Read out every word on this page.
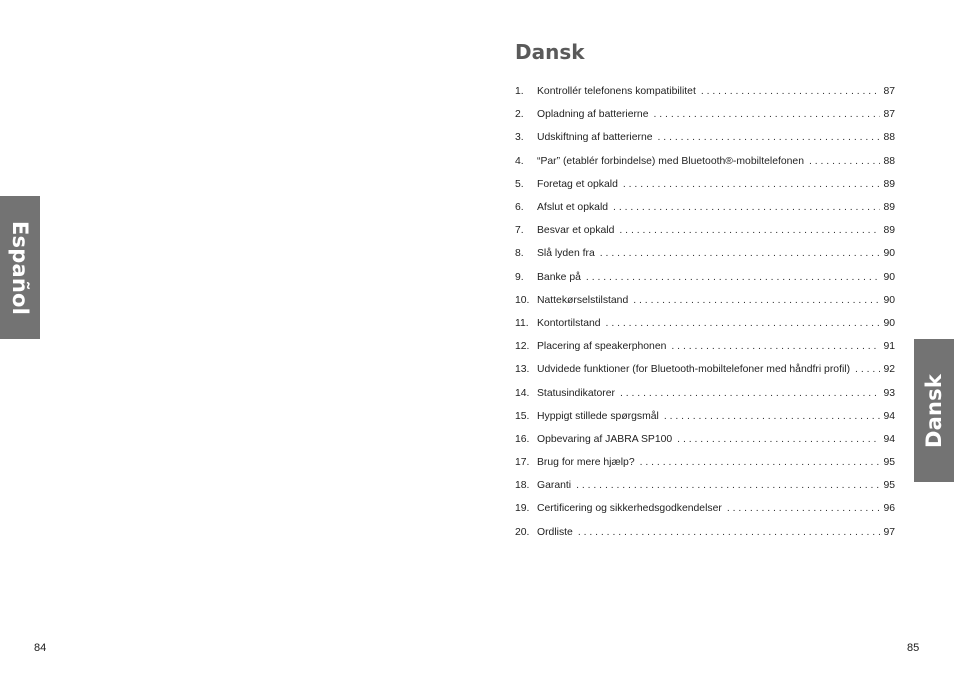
Español
Dansk
1.	Kontrollér telefonens kompatibilitet . . .	87
2.	Opladning af batterierne . . .	87
3.	Udskiftning af batterierne . . .	88
4.	“Par” (etablér forbindelse) med Bluetooth®-mobiltelefonen . . .	88
5.	Foretag et opkald . . .	89
6.	Afslut et opkald . . .	89
7.	Besvar et opkald . . .	89
8.	Slå lyden fra . . .	90
9.	Banke på . . .	90
10. Nattekørselstilstand . . .	90
11. Kontortilstand . . .	90
12. Placering af speakerphonen . . .	91
13. Udvidede funktioner (for Bluetooth-mobiltelefoner med håndfri profil) . . .	92
14. Statusindikatorer . . .	93
15. Hyppigt stillede spørgsmål . . .	94
16. Opbevaring af JABRA SP100 . . .	94
17. Brug for mere hjælp? . . .	95
18. Garanti . . .	95
19. Certificering og sikkerhedsgodkendelser . . .	96
20. Ordliste . . .	97
Dansk
84	85
